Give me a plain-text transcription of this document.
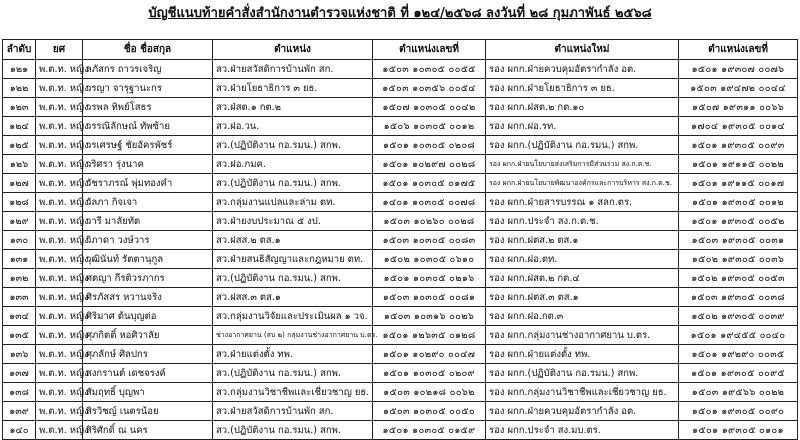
บัญชีแนบท้ายคำสั่งสำนักงานตำรวจแห่งชาติ ที่ ๑๒๔/๒๕๖๘ ลงวันที่ ๒๘ กุมภาพันธ์ ๒๕๖๘
ลำดับ	ยศ	ชื่อ ชื่อสกุล	ตำแหน่ง	ตำแหน่งเลขที่	ตำแหน่งใหม่	ตำแหน่งเลขที่
๑๒๑	พ.ต.ท. หญิง	ลภัสกร ถาวรเจริญ	สว.ฝ่ายสวัสดิการบ้านพัก สก.	๑๕๐๓ ๑๐๓๐๕ ๐๐๕๕	รอง ผกก.ฝ่ายควบคุมอัตรากำลัง อต.	๑๕๐๑ ๑๙๓๐๗ ๐๐๗๖
๑๒๒	พ.ต.ท. หญิง	วรญา จารุฐานะกร	สว.ฝ่ายโยธาธิการ ๓ ยธ.	๑๕๐๓ ๑๐๓๕๖ ๐๐๕๔	รอง ผกก.ฝ่ายโยธาธิการ ๓ ยธ.	๑๕๐๓ ๑๙๔๗๒ ๐๐๔๔
๑๒๓	พ.ต.ท. หญิง	วรพล ทิพย์โสธร	สว.ฝ่สต.๑ กต.๒	๑๕๐๗ ๑๐๓๐๕ ๐๐๔๒	รอง ผกก.ฝสต.๒ กต.๑๐	๑๕๐๗ ๑๙๓๑๑ ๐๐๖๖
๑๒๔	พ.ต.ท. หญิง	วรรณิลักษณ์ ทัพซ้าย	สว.ฝอ.วน.	๑๕๐๖ ๑๐๓๐๕ ๐๐๑๒	รอง ผกก.ฝอ.รท.	๑๗๐๔ ๑๙๓๐๕ ๐๐๑๔
๑๒๕	พ.ต.ท. หญิง	วรเศรษฐ์ ชัยอัครพัชร์	สว.(ปฏิบัติงาน กอ.รมน.) สกพ.	๑๕๐๑ ๑๐๓๐๕ ๐๒๐๘	รอง ผกก.(ปฏิบัติงาน กอ.รมน.) สกพ.	๑๕๐๑ ๑๙๓๐๕ ๐๐๙๓
๑๒๖	พ.ต.ท. หญิง	วริศรา รุ่งนาค	สว.ฝอ.กมค.	๑๕๐๑ ๑๐๒๙๗ ๐๐๒๘	รอง ผกก.ฝ่ายนโยบายส่งเสริมการมีส่วนร่วม สง.ก.ต.ช.	๑๕๐๑ ๑๙๑๑๕ ๐๐๒๒
๑๒๗	พ.ต.ท. หญิง	วัชราภรณ์ พุ่มทองคำ	สว.(ปฏิบัติงาน กอ.รมน.) สกพ.	๑๕๐๑ ๑๐๓๐๕ ๐๑๗๕	รอง ผกก.ฝ่ายนโยบายพัฒนาองค์กรและการบริหาร สง.ก.ต.ช.	๑๕๐๑ ๑๙๑๑๕ ๐๐๑๗
๑๒๘	พ.ต.ท. หญิง	วัลภา กิจเจา	สว.กลุ่มงานแปลและล่าม ตท.	๑๔๐๑ ๑๐๓๐๕ ๐๐๗๘	รอง ผกก.ฝ่ายสารบรรณ ๑ สลก.ตร.	๑๕๐๑ ๑๙๓๐๕ ๐๐๑๒
๑๒๙	พ.ต.ท. หญิง	วารี มาลัยทัต	สว.ฝ่ายงบประมาณ ๕ งป.	๑๕๐๓ ๑๐๒๖๐ ๐๐๒๘	รอง ผกก.ประจำ สง.ก.ต.ช.	๑๕๐๑ ๑๙๓๐๕ ๐๐๕๒
๑๓๐	พ.ต.ท. หญิง	วิภาดา วงษ์วาร	สว.ฝสส.๒ ตส.๑	๑๕๐๓ ๑๐๓๐๕ ๐๐๘๓	รอง ผกก.ฝตส.๒ ตส.๑	๑๕๐๓ ๑๙๓๐๕ ๐๐๓๑
๑๓๑	พ.ต.ท. หญิง	วุฒินันท์ รัตตานุกูล	สว.ฝ่ายสนธิสัญญาและกฎหมาย ตท.	๑๕๐๒ ๑๐๓๐๕ ๐๖๑๐	รอง ผกก.ฝอ.ตท.	๑๕๐๒ ๑๙๓๐๕ ๐๐๓๖
๑๓๒	พ.ต.ท. หญิง	ศตญา กีรติวรภากร	สว.(ปฏิบัติงาน กอ.รมน.) สกพ.	๑๕๐๑ ๑๐๓๐๕ ๐๒๑๖	รอง ผกก.ฝสต.๒ กต.๔	๑๕๐๒ ๑๙๓๐๕ ๐๐๕๓
๑๓๓	พ.ต.ท. หญิง	ศิรภัสสร หวานจริง	สว.ฝสส.๓ ตส.๑	๑๕๐๓ ๑๐๓๐๕ ๐๐๘๑	รอง ผกก.ฝตส.๓ ตส.๑	๑๕๐๓ ๑๙๓๐๕ ๐๐๓๘
๑๓๔	พ.ต.ท. หญิง	ศิริมาศ ต้นบุญต่อ	สว.กลุ่มงานวิจัยและประเมินผล ๑ วจ.	๑๕๐๓ ๑๐๓๑๖ ๐๐๒๖	รอง ผกก.ฝอ.กต.๓	๑๕๐๒ ๑๙๓๐๕ ๐๐๓๙
๑๓๕	พ.ต.ท. หญิง	ศุภกิตติ์ หอศิวาลัย	ช่างอากาศยาน (สบ ๒) กลุ่มงานช่างอากาศยาน บ.ตร.	๑๕๐๑ ๑๒๖๓๕ ๐๑๒๘	รอง ผกก.กลุ่มงานช่างอากาศยาน บ.ตร.	๑๕๐๑ ๑๙๔๕๕ ๐๐๔๐
๑๓๖	พ.ต.ท. หญิง	ศุภลักษ์ ศิลปกร	สว.ฝ่ายแต่งตั้ง ทพ.	๑๕๐๑ ๑๐๒๙๐ ๐๐๔๗	รอง ผกก.ฝ่ายแต่งตั้ง ทพ.	๑๕๐๑ ๑๙๒๙๐ ๐๐๓๕
๑๓๗	พ.ต.ท. หญิง	สงกรานต์ เดชจรงค์	สว.(ปฏิบัติงาน กอ.รมน.) สกพ.	๑๕๐๑ ๑๐๓๐๕ ๐๒๐๙	รอง ผกก.(ปฏิบัติงาน กอ.รมน.) สกพ.	๑๕๐๑ ๑๙๓๐๕ ๐๐๙๕
๑๓๘	พ.ต.ท. หญิง	สัมฤทธิ์ บุญพา	สว.กลุ่มงานวิชาชีพและเชี่ยวชาญ ยธ.	๑๕๐๓ ๑๐๒๑๘ ๐๐๖๒	รอง ผกก.กลุ่มงานวิชาชีพและเชี่ยวชาญ ยธ.	๑๕๐๓ ๑๙๕๖๖ ๐๐๒๒
๑๓๙	พ.ต.ท. หญิง	สิรวิชญ์ เนตรน้อย	สว.ฝ่ายสวัสดิการบ้านพัก สก.	๑๕๐๓ ๑๐๓๐๕ ๐๐๕๐	รอง ผกก.ฝ่ายควบคุมอัตรากำลัง อต.	๑๕๐๑ ๑๙๓๐๕ ๐๐๙๐
๑๔๐	พ.ต.ท. หญิง	สิริศักดิ์ ณ นคร	สว.(ปฏิบัติงาน กอ.รมน.) สกพ.	๑๕๐๑ ๑๐๓๐๕ ๐๑๕๙	รอง ผกก.ประจำ สง.มบ.ตร.	๑๕๐๑ ๑๙๓๐๕ ๐๑๐๑
